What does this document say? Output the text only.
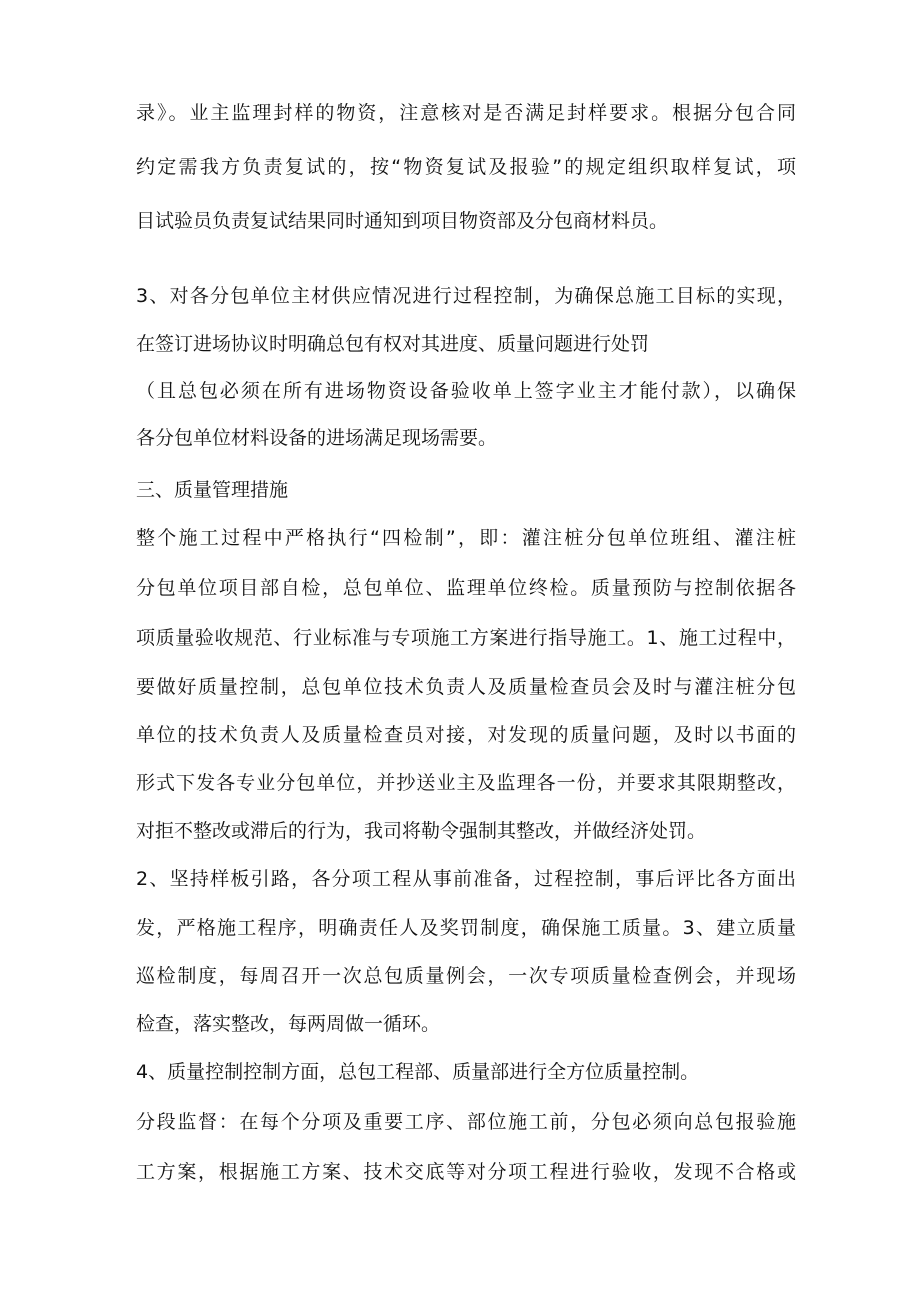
录》。业主监理封样的物资，注意核对是否满足封样要求。根据分包合同
约定需我方负责复试的，按“物资复试及报验”的规定组织取样复试，项
目试验员负责复试结果同时通知到项目物资部及分包商材料员。
3、对各分包单位主材供应情况进行过程控制，为确保总施工目标的实现，
在签订进场协议时明确总包有权对其进度、质量问题进行处罚
（且总包必须在所有进场物资设备验收单上签字业主才能付款），以确保
各分包单位材料设备的进场满足现场需要。
三、质量管理措施
整个施工过程中严格执行“四检制”，即：灌注桩分包单位班组、灌注桩
分包单位项目部自检，总包单位、监理单位终检。质量预防与控制依据各
项质量验收规范、行业标准与专项施工方案进行指导施工。1、施工过程中，
要做好质量控制，总包单位技术负责人及质量检查员会及时与灌注桩分包
单位的技术负责人及质量检查员对接，对发现的质量问题，及时以书面的
形式下发各专业分包单位，并抄送业主及监理各一份，并要求其限期整改，
对拒不整改或滞后的行为，我司将勒令强制其整改，并做经济处罚。
2、坚持样板引路，各分项工程从事前准备，过程控制，事后评比各方面出
发，严格施工程序，明确责任人及奖罚制度，确保施工质量。3、建立质量
巡检制度，每周召开一次总包质量例会，一次专项质量检查例会，并现场
检查，落实整改，每两周做一循环。
4、质量控制控制方面，总包工程部、质量部进行全方位质量控制。
分段监督：在每个分项及重要工序、部位施工前，分包必须向总包报验施
工方案，根据施工方案、技术交底等对分项工程进行验收，发现不合格或
